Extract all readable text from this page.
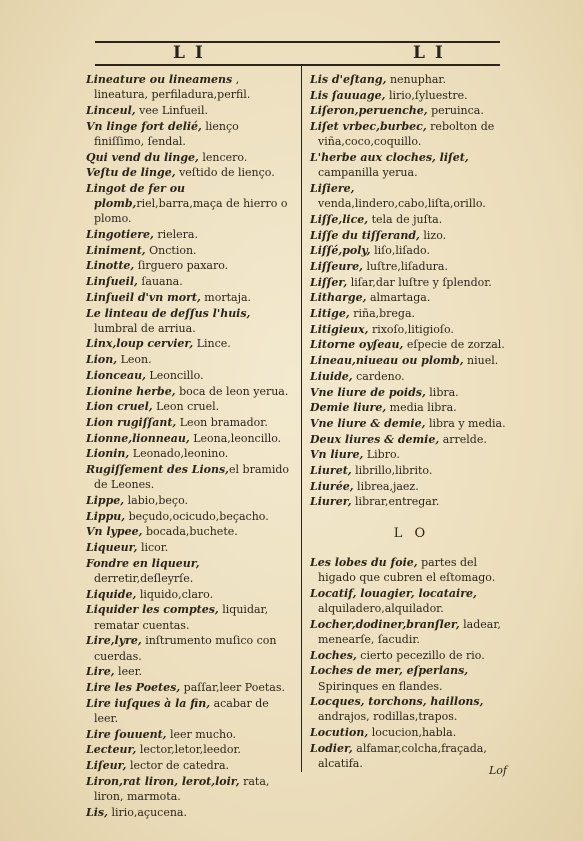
L I	L I
Lineature ou lineamens , lineatura, perfiladura,perfil.
Linceul, vee Linfueil.
Vn linge fort delié, lienço finiſſimo, ſendal.
Qui vend du linge, lencero.
Veſtu de linge, veſtido de lienço.
Lingot de fer ou plomb,riel,barra,maça de hierro o plomo.
Lingotiere, rielera.
Liniment, Onction.
Linotte, ſirguero paxaro.
Linſueil, ſauana.
Linſueil d'vn mort, mortaja.
Le linteau de deſſus l'huis, lumbral de arriua.
Linx,loup cervier, Lince.
Lion, Leon.
Lionceau, Leoncillo.
Lionine herbe, boca de leon yerua.
Lion cruel, Leon cruel.
Lion rugiſſant, Leon bramador.
Lionne,lionneau, Leona,leoncillo.
Lionin, Leonado,leonino.
Rugiſſement des Lions,el bramido de Leones.
Lippe, labio,beço.
Lippu, beçudo,ocicudo,beçacho.
Vn lypee, bocada,buchete.
Liqueur, licor.
Fondre en liqueur, derretir,deſleyrſe.
Liquide, liquido,claro.
Liquider les comptes, liquidar, rematar cuentas.
Lire,lyre, inſtrumento muſico con cuerdas.
Lire, leer.
Lire les Poetes, paſſar,leer Poetas.
Lire iuſques à la fin, acabar de leer.
Lire ſouuent, leer mucho.
Lecteur, lector,letor,leedor.
Liſeur, lector de catedra.
Liron,rat liron, lerot,loir, rata, liron, marmota.
Lis, lirio,açucena.
Lis d'eſtang, nenuphar.
Lis ſauuage, lirio,ſyluestre.
Liſeron,peruenche, peruinca.
Liſet vrbec,burbec, rebolton de viña,coco,coquillo.
L'herbe aux cloches, liſet, campanilla yerua.
Liſiere, venda,lindero,cabo,liſta,orillo.
Liſſe,lice, tela de juſta.
Liſſe du tiſſerand, lizo.
Liſſé,poly, liſo,liſado.
Liſſeure, luſtre,liſadura.
Liſſer, liſar,dar luſtre y ſplendor.
Litharge, almartaga.
Litige, riña,brega.
Litigieux, rixoſo,litigioſo.
Litorne oyſeau, eſpecie de zorzal.
Lineau,niueau ou plomb, niuel.
Liuide, cardeno.
Vne liure de poids, libra.
Demie liure, media libra.
Vne liure & demie, libra y media.
Deux liures & demie, arrelde.
Vn liure, Libro.
Liuret, librillo,librito.
Liurée, librea,jaez.
Liurer, librar,entregar.
L O
Les lobes du foie, partes del higado que cubren el eſtomago.
Locatif, louagier, locataire, alquiladero,alquilador.
Locher,dodiner,branſler, ladear, menearſe, ſacudir.
Loches, cierto pecezillo de rio.
Loches de mer, eſperlans, Spirinques en flandes.
Locques, torchons, haillons, andrajos, rodillas,trapos.
Locution, locucion,habla.
Lodier, alfamar,colcha,fraçada, alcatifa.
Lof
